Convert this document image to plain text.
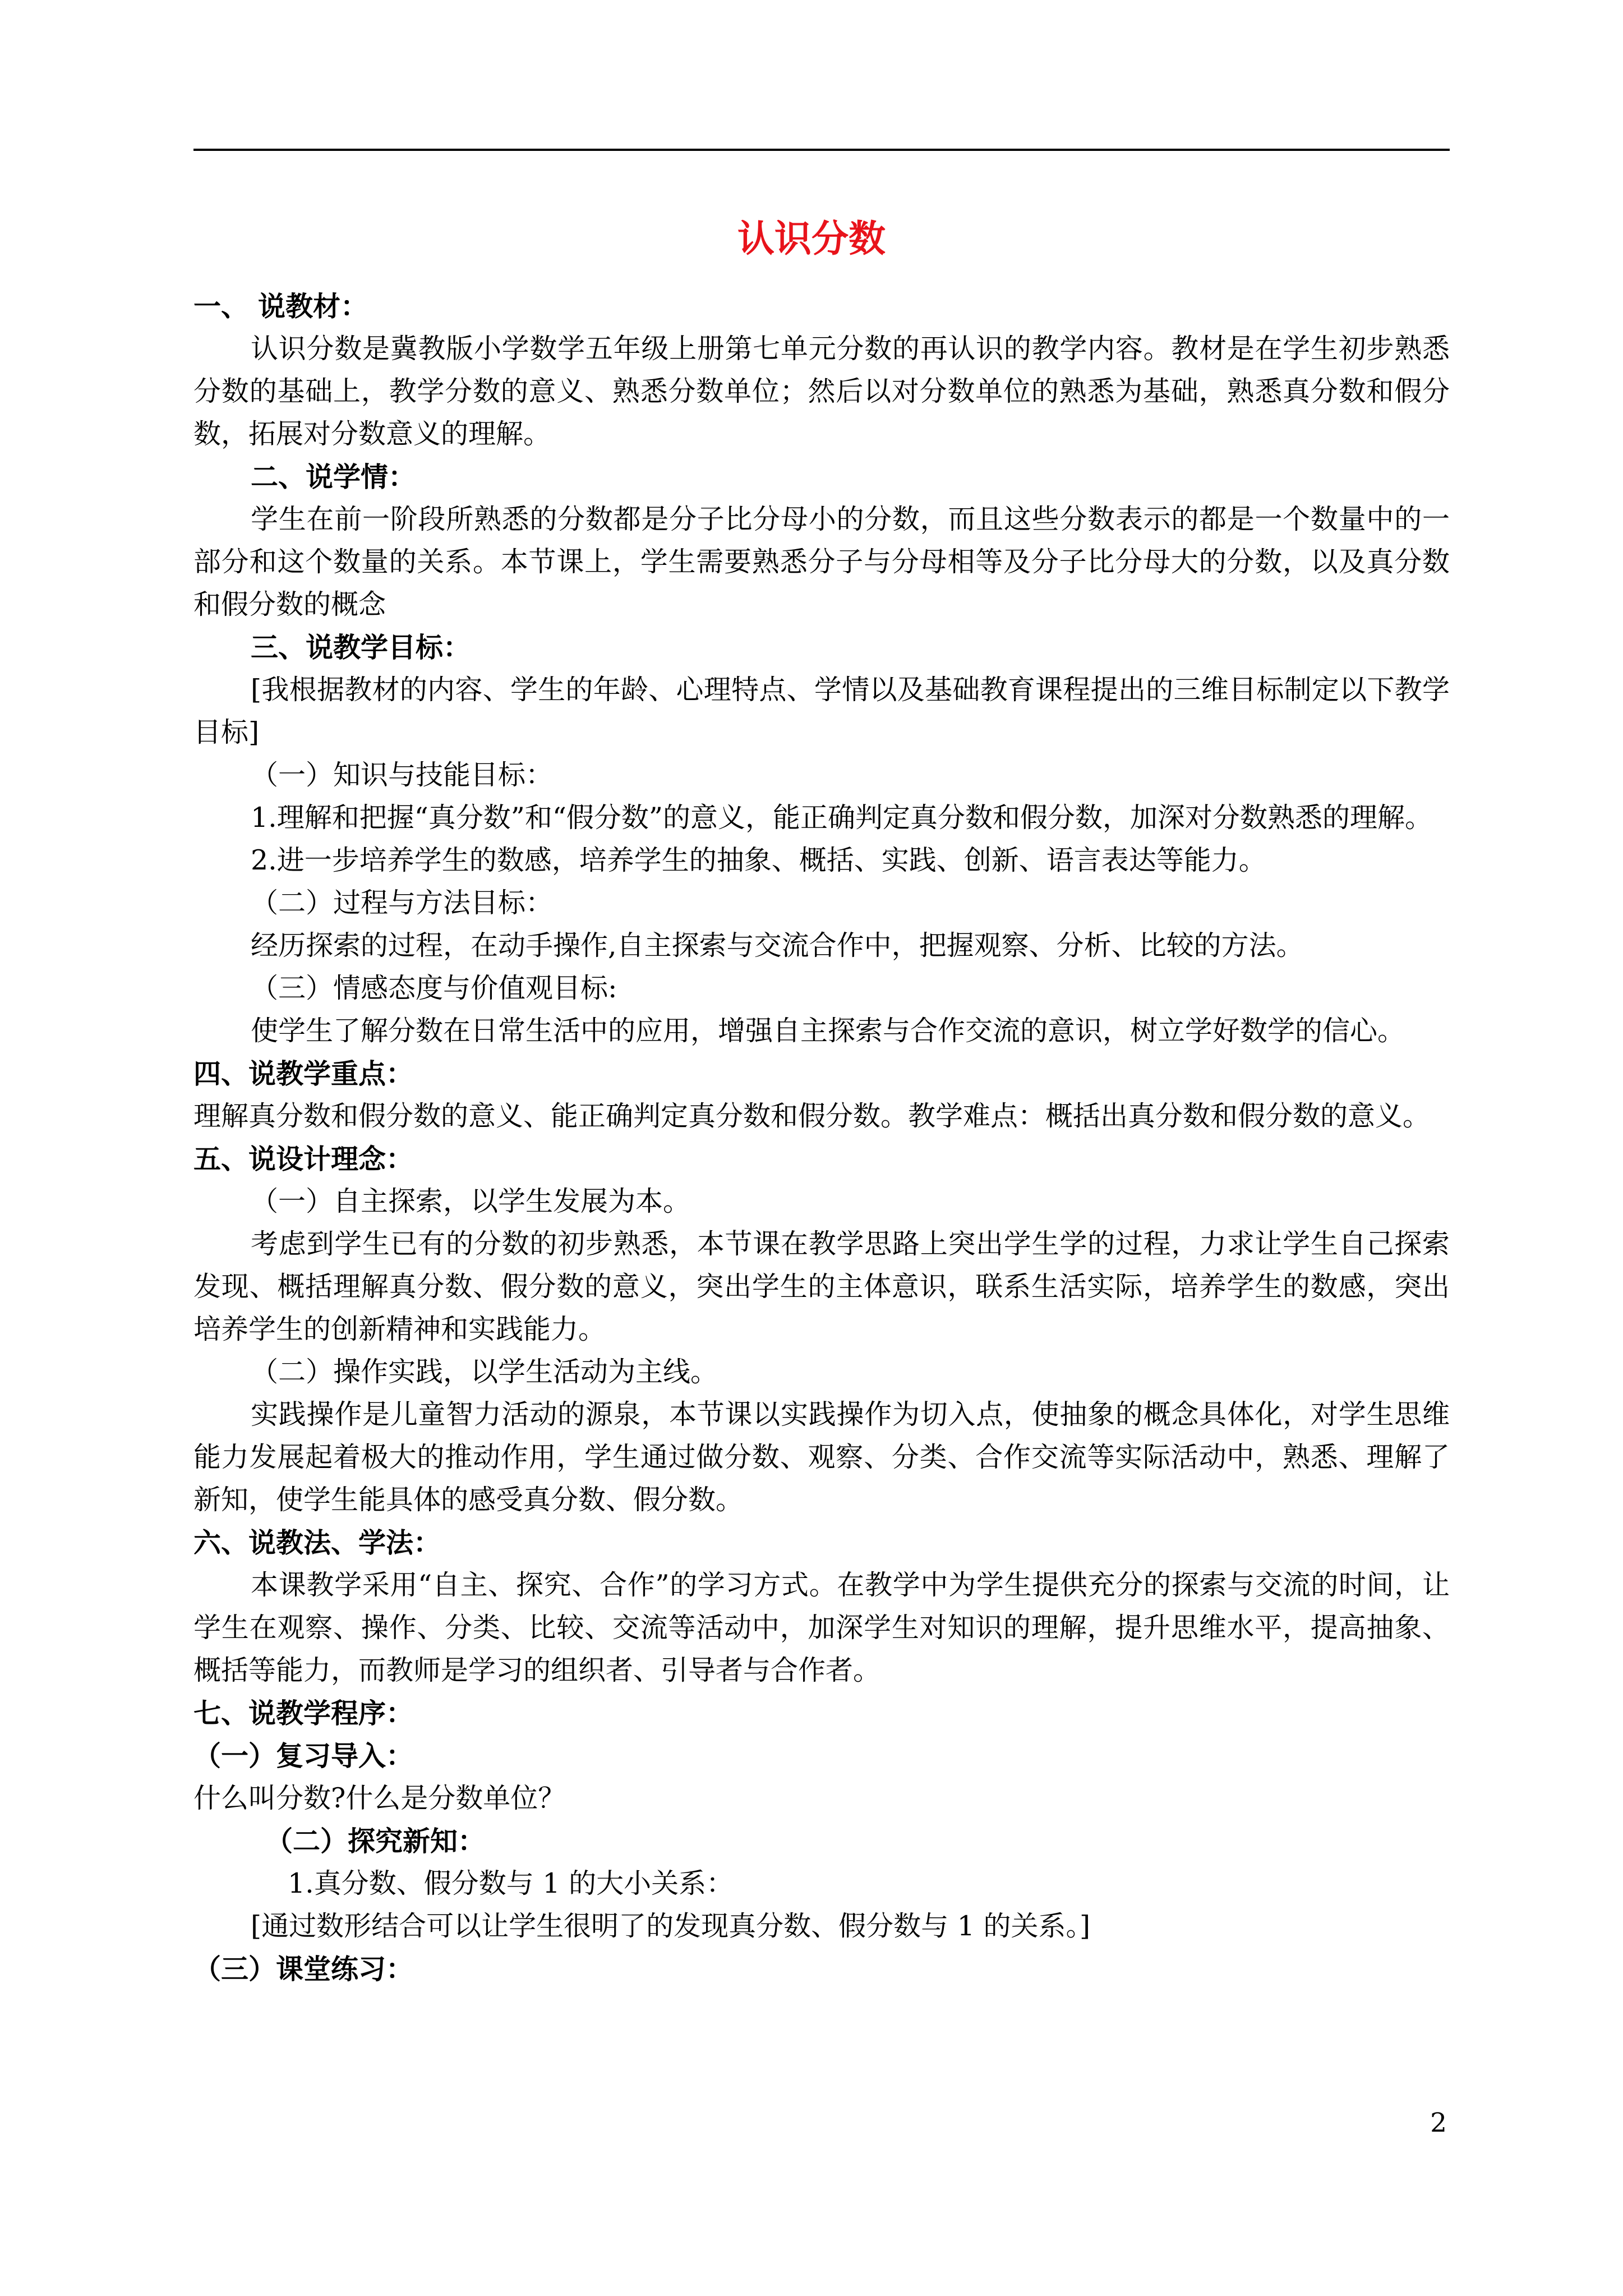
认识分数

一、 说教材：

认识分数是冀教版小学数学五年级上册第七单元分数的再认识的教学内容。教材是在学生初步熟悉分数的基础上，教学分数的意义、熟悉分数单位；然后以对分数单位的熟悉为基础，熟悉真分数和假分数，拓展对分数意义的理解。

二、说学情：

学生在前一阶段所熟悉的分数都是分子比分母小的分数，而且这些分数表示的都是一个数量中的一部分和这个数量的关系。本节课上，学生需要熟悉分子与分母相等及分子比分母大的分数，以及真分数和假分数的概念

三、说教学目标：

[我根据教材的内容、学生的年龄、心理特点、学情以及基础教育课程提出的三维目标制定以下教学目标]

（一）知识与技能目标：

1.理解和把握“真分数”和“假分数”的意义，能正确判定真分数和假分数，加深对分数熟悉的理解。

2.进一步培养学生的数感，培养学生的抽象、概括、实践、创新、语言表达等能力。

（二）过程与方法目标：

经历探索的过程，在动手操作,自主探索与交流合作中，把握观察、分析、比较的方法。

（三）情感态度与价值观目标:

使学生了解分数在日常生活中的应用，增强自主探索与合作交流的意识，树立学好数学的信心。

四、说教学重点：

理解真分数和假分数的意义、能正确判定真分数和假分数。教学难点：概括出真分数和假分数的意义。

五、说设计理念：

（一）自主探索，以学生发展为本。

考虑到学生已有的分数的初步熟悉，本节课在教学思路上突出学生学的过程，力求让学生自己探索发现、概括理解真分数、假分数的意义，突出学生的主体意识，联系生活实际，培养学生的数感，突出培养学生的创新精神和实践能力。

（二）操作实践，以学生活动为主线。

实践操作是儿童智力活动的源泉，本节课以实践操作为切入点，使抽象的概念具体化，对学生思维能力发展起着极大的推动作用，学生通过做分数、观察、分类、合作交流等实际活动中，熟悉、理解了新知，使学生能具体的感受真分数、假分数。

六、说教法、学法：

本课教学采用“自主、探究、合作”的学习方式。在教学中为学生提供充分的探索与交流的时间，让学生在观察、操作、分类、比较、交流等活动中，加深学生对知识的理解，提升思维水平，提高抽象、概括等能力，而教师是学习的组织者、引导者与合作者。

七、说教学程序：

（一）复习导入：

什么叫分数?什么是分数单位？

（二）探究新知：

1.真分数、假分数与 1 的大小关系：

[通过数形结合可以让学生很明了的发现真分数、假分数与 1 的关系。]

（三）课堂练习：

2
